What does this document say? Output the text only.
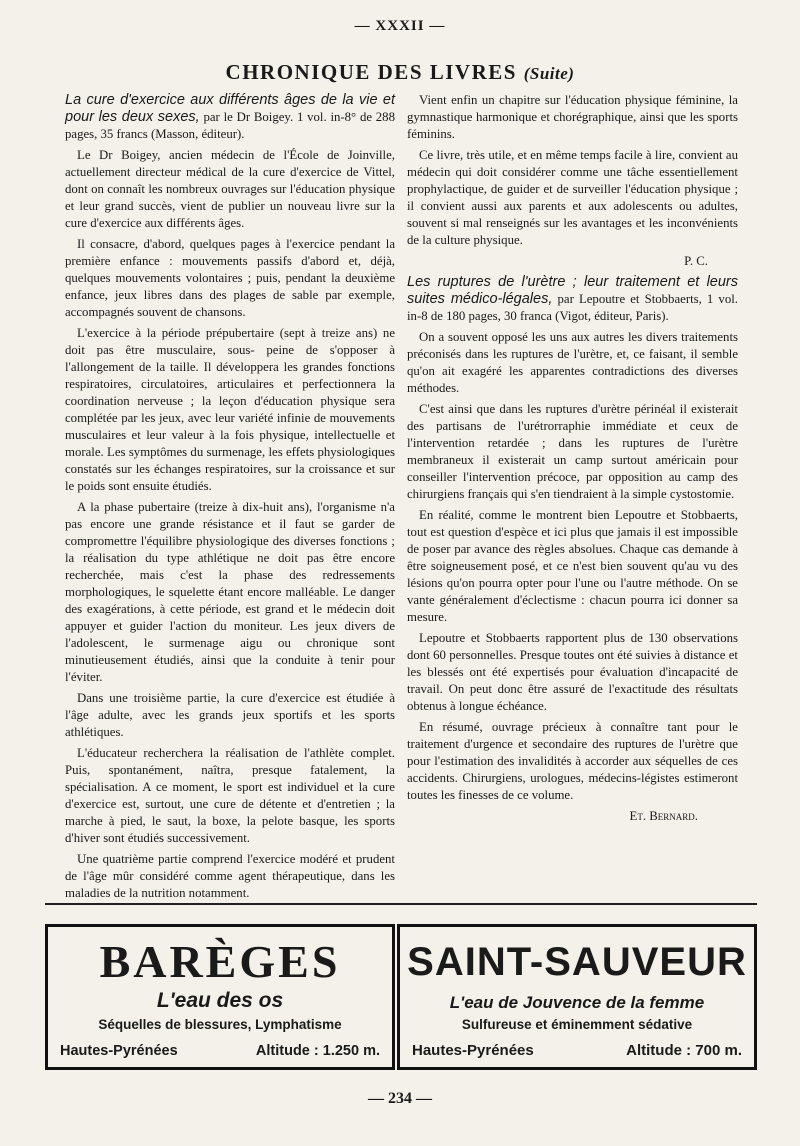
— XXXII —
CHRONIQUE DES LIVRES (Suite)

La cure d'exercice aux différents âges de la vie et pour les deux sexes, par le Dr Boigey. 1 vol. in-8° de 288 pages, 35 francs (Masson, éditeur).

Le Dr Boigey, ancien médecin de l'École de Joinville, actuellement directeur médical de la cure d'exercice de Vittel, dont on connaît les nombreux ouvrages sur l'éducation physique et leur grand succès, vient de publier un nouveau livre sur la cure d'exercice aux différents âges.

Il consacre, d'abord, quelques pages à l'exercice pendant la première enfance : mouvements passifs d'abord et, déjà, quelques mouvements volontaires ; puis, pendant la deuxième enfance, jeux libres dans des plages de sable par exemple, accompagnés souvent de chansons.

L'exercice à la période prépubertaire (sept à treize ans) ne doit pas être musculaire, sous- peine de s'opposer à l'allongement de la taille. Il développera les grandes fonctions respiratoires, circulatoires, articulaires et perfectionnera la coordination nerveuse ; la leçon d'éducation physique sera complétée par les jeux, avec leur variété infinie de mouvements musculaires et leur valeur à la fois physique, intellectuelle et morale. Les symptômes du surmenage, les effets physiologiques constatés sur les échanges respiratoires, sur la croissance et sur le poids sont ensuite étudiés.

A la phase pubertaire (treize à dix-huit ans), l'organisme n'a pas encore une grande résistance et il faut se garder de compromettre l'équilibre physiologique des diverses fonctions ; la réalisation du type athlétique ne doit pas être encore recherchée, mais c'est la phase des redressements morphologiques, le squelette étant encore malléable. Le danger des exagérations, à cette période, est grand et le médecin doit appuyer et guider l'action du moniteur. Les jeux divers de l'adolescent, le surmenage aigu ou chronique sont minutieusement étudiés, ainsi que la conduite à tenir pour l'éviter.

Dans une troisième partie, la cure d'exercice est étudiée à l'âge adulte, avec les grands jeux sportifs et les sports athlétiques.

L'éducateur recherchera la réalisation de l'athlète complet. Puis, spontanément, naîtra, presque fatalement, la spécialisation. A ce moment, le sport est individuel et la cure d'exercice est, surtout, une cure de détente et d'entretien ; la marche à pied, le saut, la boxe, la pelote basque, les sports d'hiver sont étudiés successivement.

Une quatrième partie comprend l'exercice modéré et prudent de l'âge mûr considéré comme agent thérapeutique, dans les maladies de la nutrition notamment.

Vient enfin un chapitre sur l'éducation physique féminine, la gymnastique harmonique et chorégraphique, ainsi que les sports féminins.

Ce livre, très utile, et en même temps facile à lire, convient au médecin qui doit considérer comme une tâche essentiellement prophylactique, de guider et de surveiller l'éducation physique ; il convient aussi aux parents et aux adolescents ou adultes, souvent si mal renseignés sur les avantages et les inconvénients de la culture physique.

P. C.

Les ruptures de l'urètre ; leur traitement et leurs suites médico-légales, par Lepoutre et Stobbaerts, 1 vol. in-8 de 180 pages, 30 franca (Vigot, éditeur, Paris).

On a souvent opposé les uns aux autres les divers traitements préconisés dans les ruptures de l'urètre, et, ce faisant, il semble qu'on ait exagéré les apparentes contradictions des diverses méthodes.

C'est ainsi que dans les ruptures d'urètre périnéal il existerait des partisans de l'urétrorraphie immédiate et ceux de l'intervention retardée ; dans les ruptures de l'urètre membraneux il existerait un camp surtout américain pour conseiller l'intervention précoce, par opposition au camp des chirurgiens français qui s'en tiendraient à la simple cystostomie.

En réalité, comme le montrent bien Lepoutre et Stobbaerts, tout est question d'espèce et ici plus que jamais il est impossible de poser par avance des règles absolues. Chaque cas demande à être soigneusement posé, et ce n'est bien souvent qu'au vu des lésions qu'on pourra opter pour l'une ou l'autre méthode. On se vante généralement d'éclectisme : chacun pourra ici donner sa mesure.

Lepoutre et Stobbaerts rapportent plus de 130 observations dont 60 personnelles. Presque toutes ont été suivies à distance et les blessés ont été expertisés pour évaluation d'incapacité de travail. On peut donc être assuré de l'exactitude des résultats obtenus à longue échéance.

En résumé, ouvrage précieux à connaître tant pour le traitement d'urgence et secondaire des ruptures de l'urètre que pour l'estimation des invalidités à accorder aux séquelles de ces accidents. Chirurgiens, urologues, médecins-légistes estimeront toutes les finesses de ce volume.

Et. Bernard.

BARÈGES
L'eau des os
Séquelles de blessures, Lymphatisme
Hautes-Pyrénées	Altitude : 1.250 m.
SAINT-SAUVEUR
L'eau de Jouvence de la femme
Sulfureuse et éminemment sédative
Hautes-Pyrénées	Altitude : 700 m.
— 234 —
